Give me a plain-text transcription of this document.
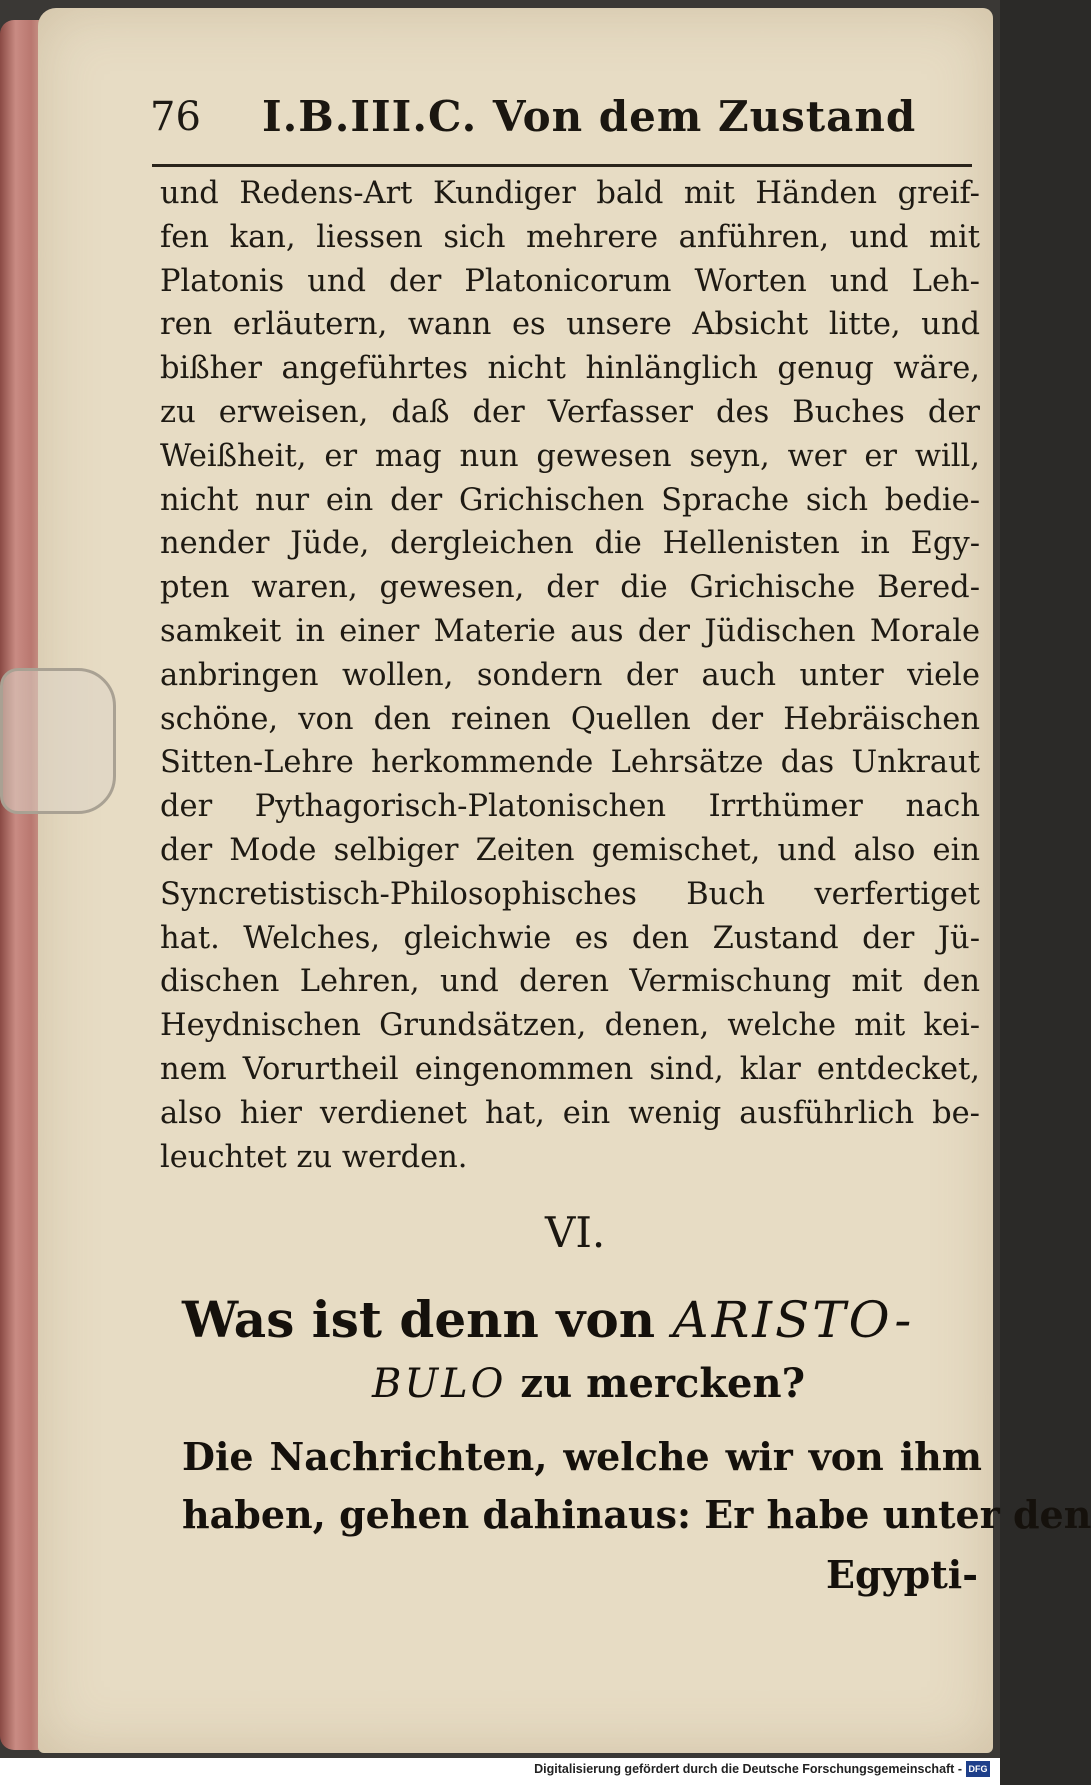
76 I.B.III.C. Von dem Zustand
und Redens-Art Kundiger bald mit Händen greif-
fen kan, liessen sich mehrere anführen, und mit
Platonis und der Platonicorum Worten und Leh-
ren erläutern, wann es unsere Absicht litte, und
bißher angeführtes nicht hinlänglich genug wäre,
zu erweisen, daß der Verfasser des Buches der
Weißheit, er mag nun gewesen seyn, wer er will,
nicht nur ein der Grichischen Sprache sich bedie-
nender Jüde, dergleichen die Hellenisten in Egy-
pten waren, gewesen, der die Grichische Bered-
samkeit in einer Materie aus der Jüdischen Morale
anbringen wollen, sondern der auch unter viele
schöne, von den reinen Quellen der Hebräischen
Sitten-Lehre herkommende Lehrsätze das Unkraut
der Pythagorisch-Platonischen Irrthümer nach
der Mode selbiger Zeiten gemischet, und also ein
Syncretistisch-Philosophisches Buch verfertiget
hat. Welches, gleichwie es den Zustand der Jü-
dischen Lehren, und deren Vermischung mit den
Heydnischen Grundsätzen, denen, welche mit kei-
nem Vorurtheil eingenommen sind, klar entdecket,
also hier verdienet hat, ein wenig ausführlich be-
leuchtet zu werden.
VI.
Was ist denn von ARISTO-
BULO zu mercken?
Die Nachrichten, welche wir von ihm
haben, gehen dahinaus: Er habe unter den
Egypti-
Digitalisierung gefördert durch die Deutsche Forschungsgemeinschaft - DFG
